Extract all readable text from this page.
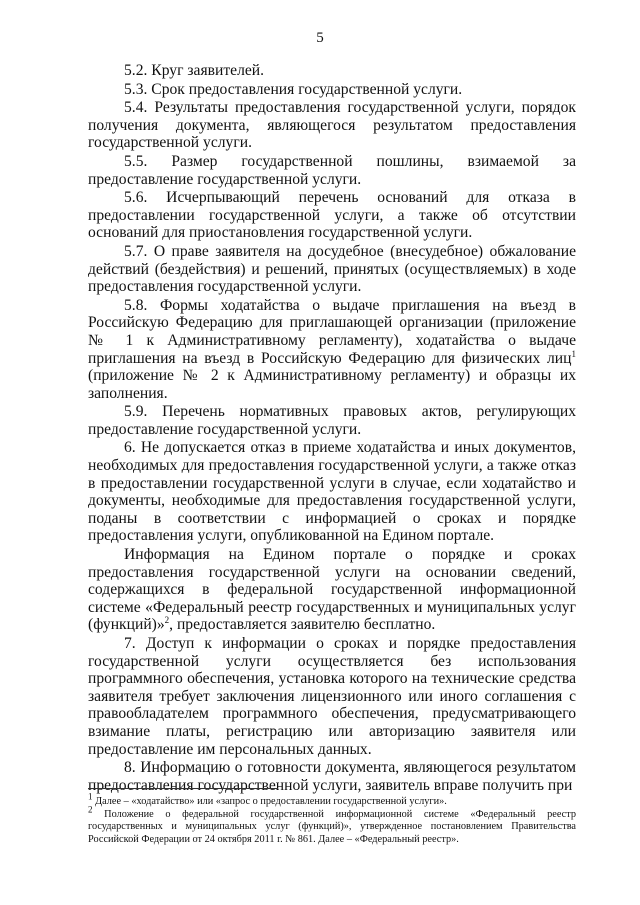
5

5.2. Круг заявителей.

5.3. Срок предоставления государственной услуги.

5.4. Результаты предоставления государственной услуги, порядок получения документа, являющегося результатом предоставления государственной услуги.

5.5. Размер государственной пошлины, взимаемой за предоставление государственной услуги.

5.6. Исчерпывающий перечень оснований для отказа в предоставлении государственной услуги, а также об отсутствии оснований для приостановления государственной услуги.

5.7. О праве заявителя на досудебное (внесудебное) обжалование действий (бездействия) и решений, принятых (осуществляемых) в ходе предоставления государственной услуги.

5.8. Формы ходатайства о выдаче приглашения на въезд в Российскую Федерацию для приглашающей организации (приложение № 1 к Административному регламенту), ходатайства о выдаче приглашения на въезд в Российскую Федерацию для физических лиц$^1$ (приложение № 2 к Административному регламенту) и образцы их заполнения.

5.9. Перечень нормативных правовых актов, регулирующих предоставление государственной услуги.

6. Не допускается отказ в приеме ходатайства и иных документов, необходимых для предоставления государственной услуги, а также отказ в предоставлении государственной услуги в случае, если ходатайство и документы, необходимые для предоставления государственной услуги, поданы в соответствии с информацией о сроках и порядке предоставления услуги, опубликованной на Едином портале.

Информация на Едином портале о порядке и сроках предоставления государственной услуги на основании сведений, содержащихся в федеральной государственной информационной системе «Федеральный реестр государственных и муниципальных услуг (функций)»$^2$, предоставляется заявителю бесплатно.

7. Доступ к информации о сроках и порядке предоставления государственной услуги осуществляется без использования программного обеспечения, установка которого на технические средства заявителя требует заключения лицензионного или иного соглашения с правообладателем программного обеспечения, предусматривающего взимание платы, регистрацию или авторизацию заявителя или предоставление им персональных данных.

8. Информацию о готовности документа, являющегося результатом предоставления государственной услуги, заявитель вправе получить при

$^1$ Далее – «ходатайство» или «запрос о предоставлении государственной услуги».

$^2$ Положение о федеральной государственной информационной системе «Федеральный реестр государственных и муниципальных услуг (функций)», утвержденное постановлением Правительства Российской Федерации от 24 октября 2011 г. № 861. Далее – «Федеральный реестр».
